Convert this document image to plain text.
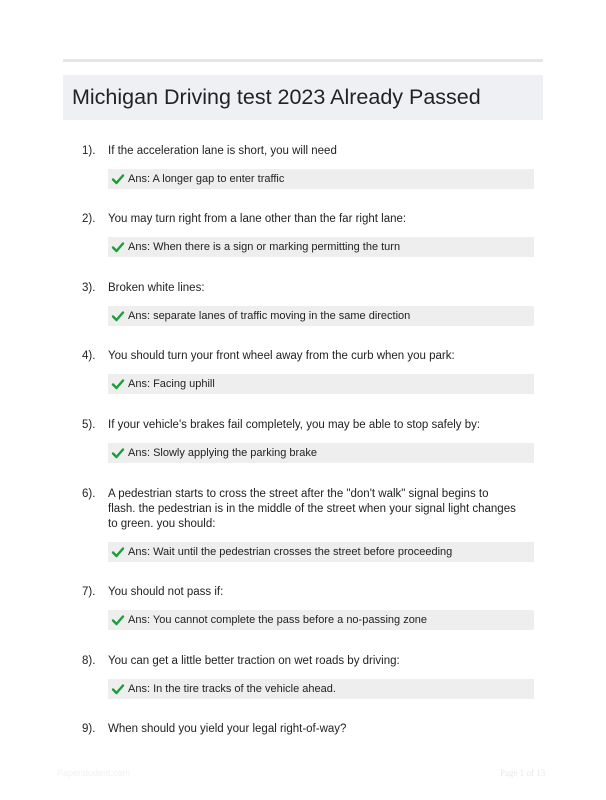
Michigan Driving test 2023 Already Passed
1). If the acceleration lane is short, you will need
Ans: A longer gap to enter traffic
2). You may turn right from a lane other than the far right lane:
Ans: When there is a sign or marking permitting the turn
3). Broken white lines:
Ans: separate lanes of traffic moving in the same direction
4). You should turn your front wheel away from the curb when you park:
Ans: Facing uphill
5). If your vehicle's brakes fail completely, you may be able to stop safely by:
Ans: Slowly applying the parking brake
6). A pedestrian starts to cross the street after the "don't walk" signal begins to flash. the pedestrian is in the middle of the street when your signal light changes to green. you should:
Ans: Wait until the pedestrian crosses the street before proceeding
7). You should not pass if:
Ans: You cannot complete the pass before a no-passing zone
8). You can get a little better traction on wet roads by driving:
Ans: In the tire tracks of the vehicle ahead.
9). When should you yield your legal right-of-way?
Paperstudent.com	Page 1 of 13
